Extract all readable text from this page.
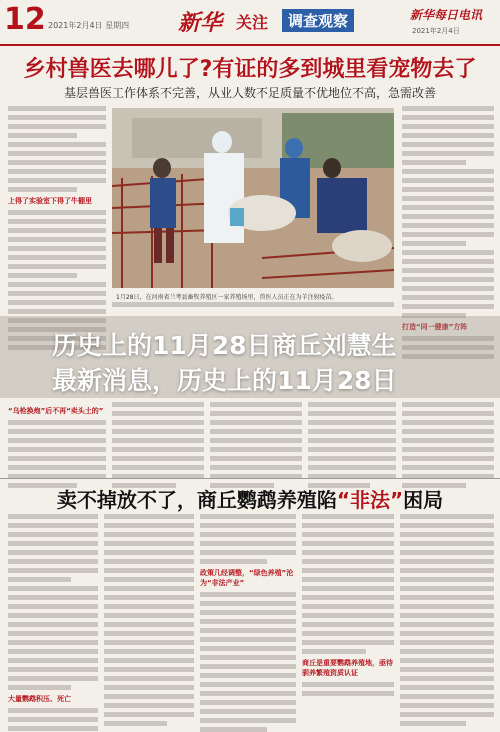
12 2021年2月4日 星期四 新华 关注	调查观察	新华每日电讯
2021年2月4日
乡村兽医去哪儿了?有证的多到城里看宠物去了
基层兽医工作体系不完善，从业人数不足质量不优地位不高，急需改善
上得了实验室下得了牛棚里
1月28日，在河南省兰考县畜牧养殖区一家养殖场里，兽医人员正在为羊注射疫苗。
打造“同一健康”方阵
历史上的11月28日商丘刘慧生
最新消息，历史上的11月28日
“乌枪换炮”后不再“卖头土的”
卖不掉放不了，商丘鹦鹉养殖陷“非法”困局
大量鹦鹉积压、死亡
政策几经调整，“绿色养殖”沦为“非法产业”
商丘是重要鹦鹉养殖地，亟待驯养繁殖资质认证
